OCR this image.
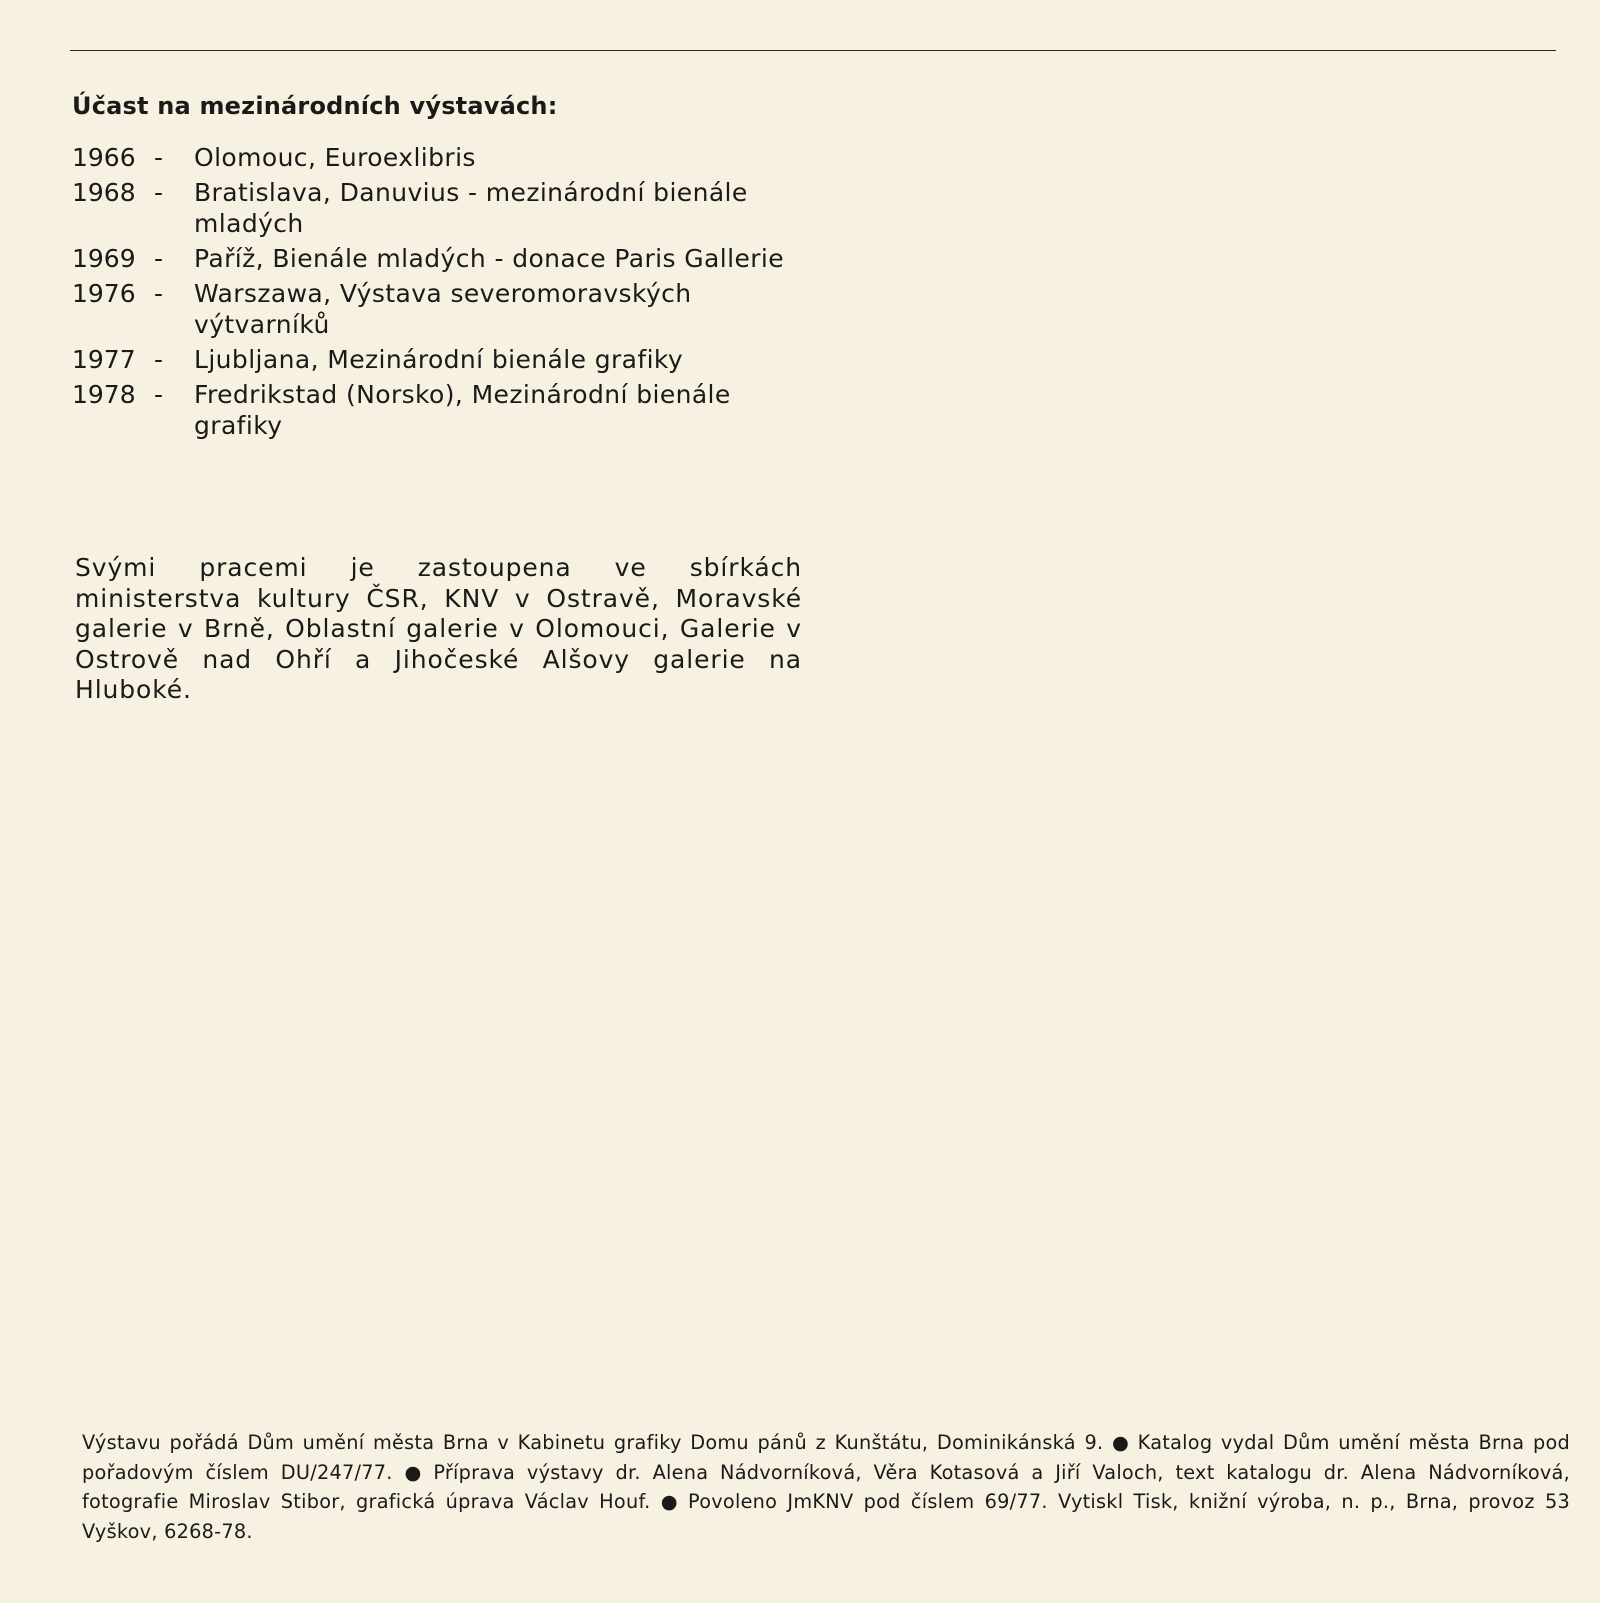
Účast na mezinárodních výstavách:
1966 -	Olomouc, Euroexlibris
1968 -	Bratislava, Danuvius - mezinárodní bienále mladých
1969 -	Paříž, Bienále mladých - donace Paris Gallerie
1976 -	Warszawa, Výstava severomoravských výtvarníků
1977 -	Ljubljana, Mezinárodní bienále grafiky
1978 -	Fredrikstad (Norsko), Mezinárodní bienále grafiky

Svými pracemi je zastoupena ve sbírkách ministerstva kultury ČSR, KNV v Ostravě, Moravské galerie v Brně, Oblastní galerie v Olomouci, Galerie v Ostrově nad Ohří a Jihočeské Alšovy galerie na Hluboké.

Výstavu pořádá Dům umění města Brna v Kabinetu grafiky Domu pánů z Kunštátu, Dominikánská 9. ● Katalog vydal Dům umění města Brna pod pořadovým číslem DU/247/77. ● Příprava výstavy dr. Alena Nádvorníková, Věra Kotasová a Jiří Valoch, text katalogu dr. Alena Nádvorníková, fotografie Miroslav Stibor, grafická úprava Václav Houf. ● Povoleno JmKNV pod číslem 69/77. Vytiskl Tisk, knižní výroba, n. p., Brna, provoz 53 Vyškov, 6268-78.
